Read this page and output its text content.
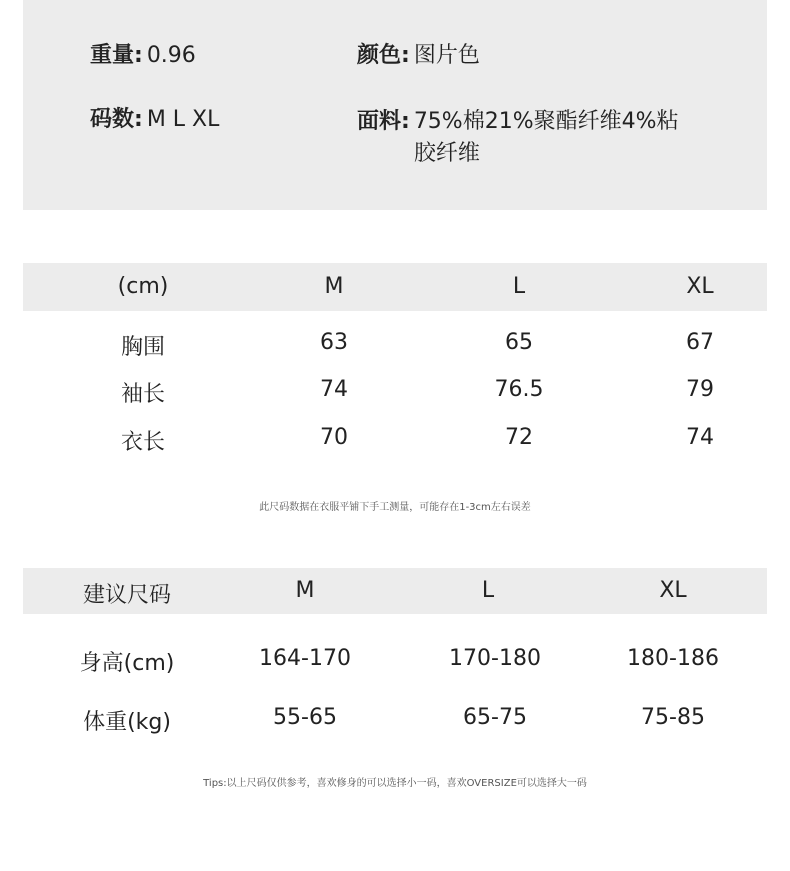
重量: 0.96	颜色: 图片色
码数: M L XL	面料: 75%棉21%聚酯纤维4%粘胶纤维
(cm)	M	L	XL
胸围	63	65	67
袖长	74	76.5	79
衣长	70	72	74
此尺码数据在衣服平铺下手工测量，可能存在1-3cm左右误差
建议尺码	M	L	XL
身高(cm)	164-170	170-180	180-186
体重(kg)	55-65	65-75	75-85
Tips:以上尺码仅供参考，喜欢修身的可以选择小一码，喜欢OVERSIZE可以选择大一码
